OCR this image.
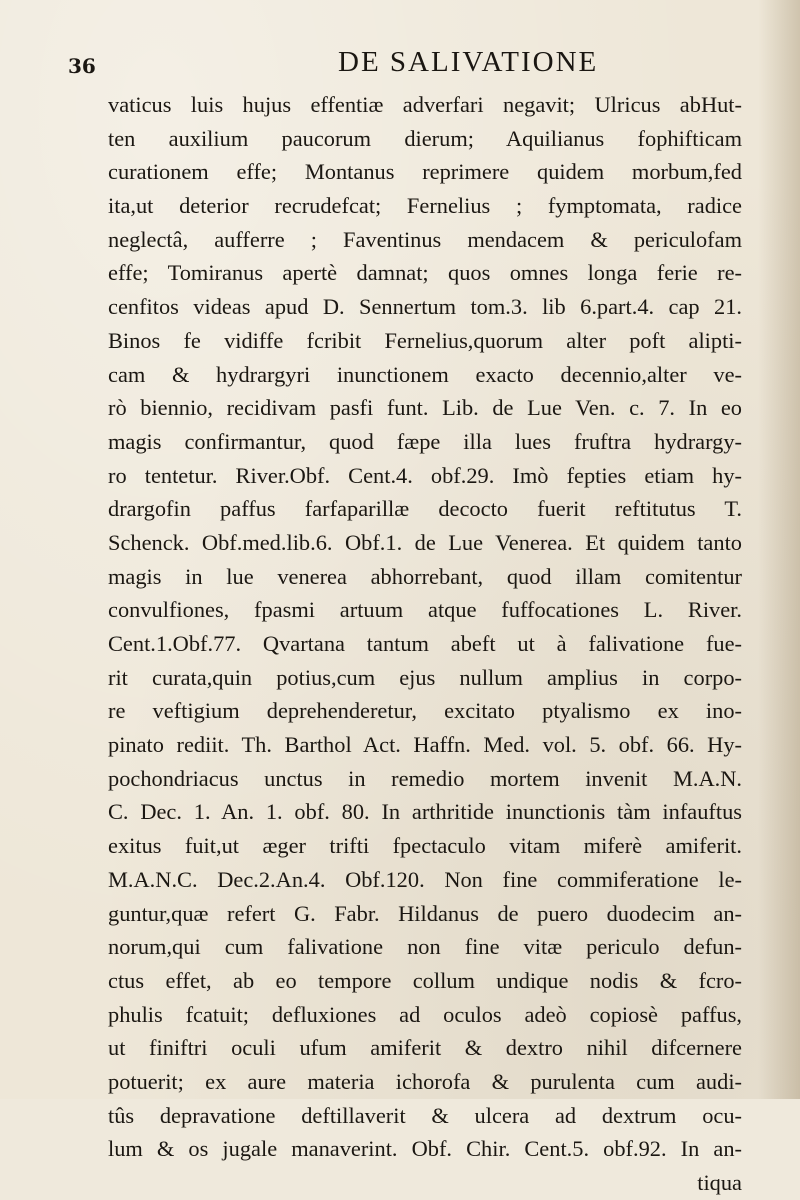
36	DE SALIVATIONE
vaticus luis hujus effentiæ adverfari negavit; Ulricus abHut-
ten auxilium paucorum dierum; Aquilianus fophifticam
curationem effe; Montanus reprimere quidem morbum,fed
ita,ut deterior recrudefcat; Fernelius ; fymptomata, radice
neglectâ, aufferre ; Faventinus mendacem & periculofam
effe; Tomiranus apertè damnat; quos omnes longa ferie re-
cenfitos videas apud D. Sennertum tom.3. lib 6.part.4. cap 21.
Binos fe vidiffe fcribit Fernelius,quorum alter poft alipti-
cam & hydrargyri inunctionem exacto decennio,alter ve-
rò biennio, recidivam pasfi funt. Lib. de Lue Ven. c. 7. In eo
magis confirmantur, quod fæpe illa lues fruftra hydrargy-
ro tentetur. River.Obf. Cent.4. obf.29. Imò fepties etiam hy-
drargofin paffus farfaparillæ decocto fuerit reftitutus T.
Schenck. Obf.med.lib.6. Obf.1. de Lue Venerea. Et quidem tanto
magis in lue venerea abhorrebant, quod illam comitentur
convulfiones, fpasmi artuum atque fuffocationes L. River.
Cent.1.Obf.77. Qvartana tantum abeft ut à falivatione fue-
rit curata,quin potius,cum ejus nullum amplius in corpo-
re veftigium deprehenderetur, excitato ptyalismo ex ino-
pinato rediit. Th. Barthol Act. Haffn. Med. vol. 5. obf. 66. Hy-
pochondriacus unctus in remedio mortem invenit M.A.N.
C. Dec. 1. An. 1. obf. 80. In arthritide inunctionis tàm infauftus
exitus fuit,ut æger trifti fpectaculo vitam miferè amiferit.
M.A.N.C. Dec.2.An.4. Obf.120. Non fine commiferatione le-
guntur,quæ refert G. Fabr. Hildanus de puero duodecim an-
norum,qui cum falivatione non fine vitæ periculo defun-
ctus effet, ab eo tempore collum undique nodis & fcro-
phulis fcatuit; defluxiones ad oculos adeò copiosè paffus,
ut finiftri oculi ufum amiferit & dextro nihil difcernere
potuerit; ex aure materia ichorofa & purulenta cum audi-
tûs depravatione deftillaverit & ulcera ad dextrum ocu-
lum & os jugale manaverint. Obf. Chir. Cent.5. obf.92. In an-
tiqua
